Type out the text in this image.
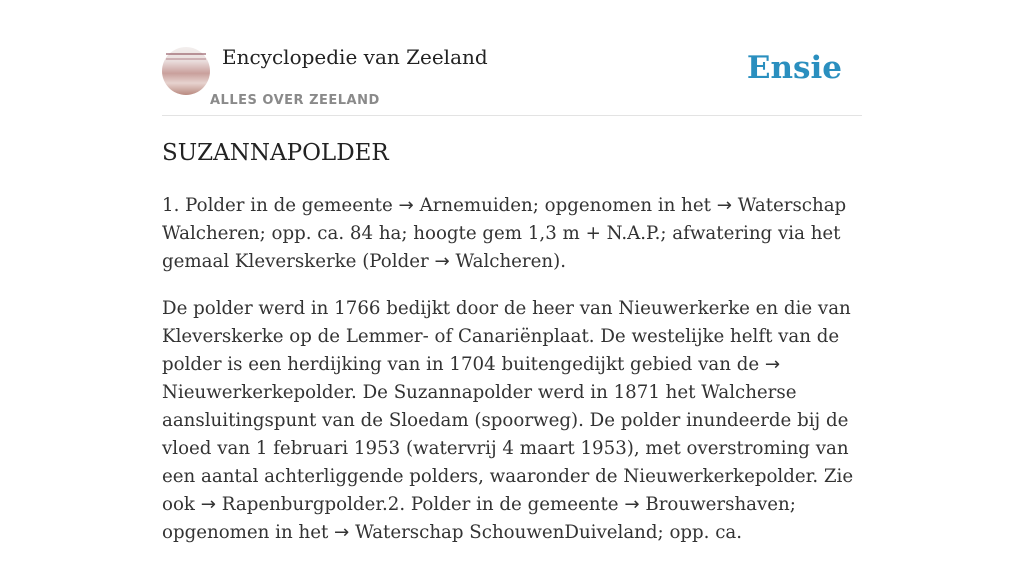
Encyclopedie van Zeeland
ALLES OVER ZEELAND
Ensie
SUZANNAPOLDER

1. Polder in de gemeente → Arnemuiden; opgenomen in het → Waterschap Walcheren; opp. ca. 84 ha; hoogte gem 1,3 m + N.A.P.; afwatering via het gemaal Kleverskerke (Polder → Walcheren).

De polder werd in 1766 bedijkt door de heer van Nieuwerkerke en die van Kleverskerke op de Lemmer- of Canariënplaat. De westelijke helft van de polder is een herdijking van in 1704 buitengedijkt gebied van de → Nieuwerkerkepolder. De Suzannapolder werd in 1871 het Walcherse aansluitingspunt van de Sloedam (spoorweg). De polder inundeerde bij de vloed van 1 februari 1953 (watervrij 4 maart 1953), met overstroming van een aantal achterliggende polders, waaronder de Nieuwerkerkepolder. Zie ook → Rapenburgpolder.2. Polder in de gemeente → Brouwershaven; opgenomen in het → Waterschap SchouwenDuiveland; opp. ca.
